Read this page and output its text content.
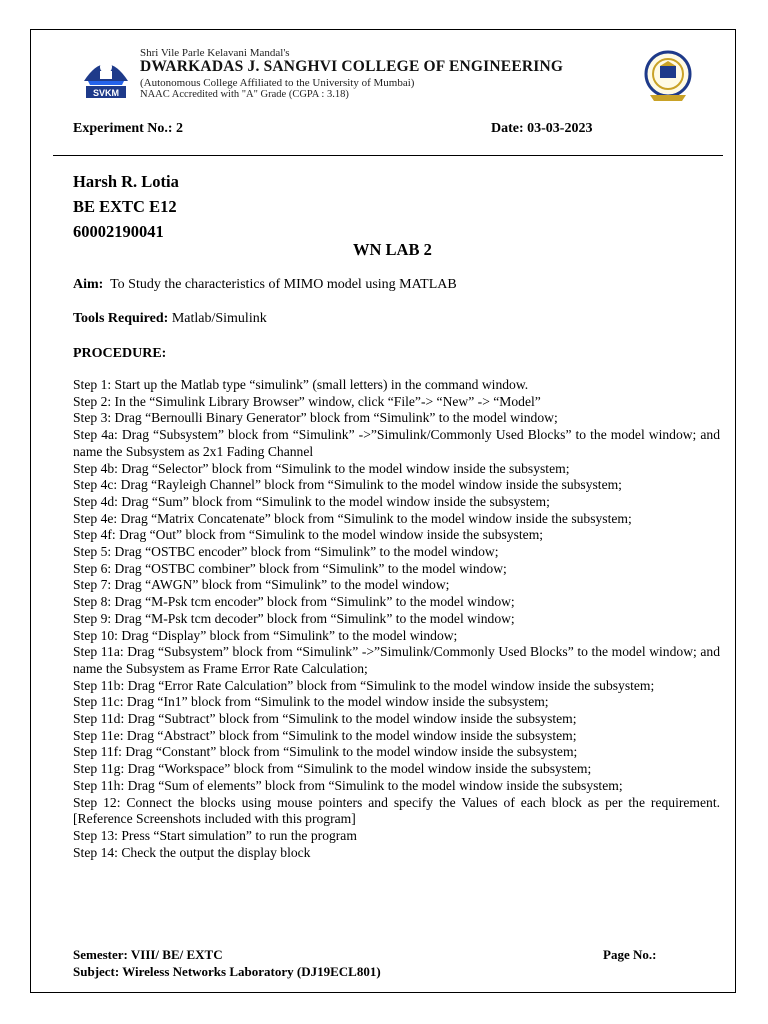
SVKM
Shri Vile Parle Kelavani Mandal's
DWARKADAS J. SANGHVI COLLEGE OF ENGINEERING
(Autonomous College Affiliated to the University of Mumbai)
NAAC Accredited with "A" Grade (CGPA : 3.18)
Experiment No.: 2	Date: 03-03-2023
Harsh R. Lotia
BE EXTC E12
60002190041
WN LAB 2
Aim: To Study the characteristics of MIMO model using MATLAB
Tools Required: Matlab/Simulink
PROCEDURE:
Step 1: Start up the Matlab type “simulink” (small letters) in the command window.
Step 2: In the “Simulink Library Browser” window, click “File”-> “New” -> “Model”
Step 3: Drag “Bernoulli Binary Generator” block from “Simulink” to the model window;
Step 4a: Drag “Subsystem” block from “Simulink” ->”Simulink/Commonly Used Blocks” to the model window; and name the Subsystem as 2x1 Fading Channel
Step 4b: Drag “Selector” block from “Simulink to the model window inside the subsystem;
Step 4c: Drag “Rayleigh Channel” block from “Simulink to the model window inside the subsystem;
Step 4d: Drag “Sum” block from “Simulink to the model window inside the subsystem;
Step 4e: Drag “Matrix Concatenate” block from “Simulink to the model window inside the subsystem;
Step 4f: Drag “Out” block from “Simulink to the model window inside the subsystem;
Step 5: Drag “OSTBC encoder” block from “Simulink” to the model window;
Step 6: Drag “OSTBC combiner” block from “Simulink” to the model window;
Step 7: Drag “AWGN” block from “Simulink” to the model window;
Step 8: Drag “M-Psk tcm encoder” block from “Simulink” to the model window;
Step 9: Drag “M-Psk tcm decoder” block from “Simulink” to the model window;
Step 10: Drag “Display” block from “Simulink” to the model window;
Step 11a: Drag “Subsystem” block from “Simulink” ->”Simulink/Commonly Used Blocks” to the model window; and name the Subsystem as Frame Error Rate Calculation;
Step 11b: Drag “Error Rate Calculation” block from “Simulink to the model window inside the subsystem;
Step 11c: Drag “In1” block from “Simulink to the model window inside the subsystem;
Step 11d: Drag “Subtract” block from “Simulink to the model window inside the subsystem;
Step 11e: Drag “Abstract” block from “Simulink to the model window inside the subsystem;
Step 11f: Drag “Constant” block from “Simulink to the model window inside the subsystem;
Step 11g: Drag “Workspace” block from “Simulink to the model window inside the subsystem;
Step 11h: Drag “Sum of elements” block from “Simulink to the model window inside the subsystem;
Step 12: Connect the blocks using mouse pointers and specify the Values of each block as per the requirement. [Reference Screenshots included with this program]
Step 13: Press “Start simulation” to run the program
Step 14: Check the output the display block
Semester: VIII/ BE/ EXTC	Page No.:
Subject: Wireless Networks Laboratory (DJ19ECL801)
